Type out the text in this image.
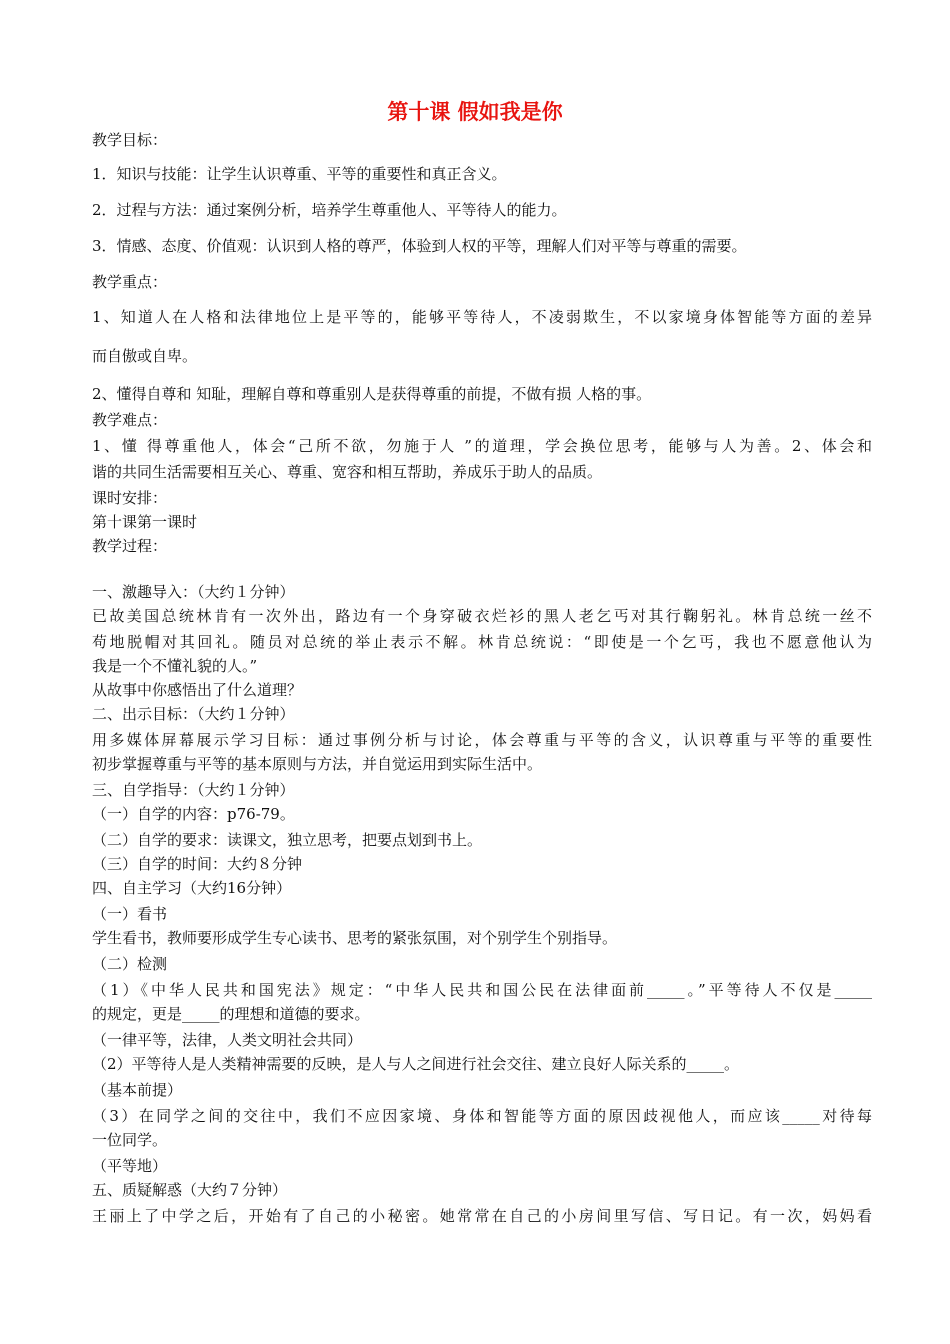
第十课 假如我是你
教学目标：
1．知识与技能：让学生认识尊重、平等的重要性和真正含义。
2．过程与方法：通过案例分析，培养学生尊重他人、平等待人的能力。
3．情感、态度、价值观：认识到人格的尊严，体验到人权的平等，理解人们对平等与尊重的需要。
教学重点：
1、知道人在人格和法律地位上是平等的，能够平等待人，不凌弱欺生，不以家境身体智能等方面的差异
而自傲或自卑。
2、懂得自尊和 知耻，理解自尊和尊重别人是获得尊重的前提，不做有损 人格的事。
教学难点：
1、懂 得尊重他人，体会“己所不欲，勿施于人 ”的道理，学会换位思考，能够与人为善。2、体会和
谐的共同生活需要相互关心、尊重、宽容和相互帮助，养成乐于助人的品质。
课时安排：
第十课第一课时
教学过程：
一、激趣导入：（大约１分钟）
已故美国总统林肯有一次外出，路边有一个身穿破衣烂衫的黑人老乞丐对其行鞠躬礼。林肯总统一丝不
苟地脱帽对其回礼。随员对总统的举止表示不解。林肯总统说：“即使是一个乞丐，我也不愿意他认为
我是一个不懂礼貌的人。”
从故事中你感悟出了什么道理？
二、出示目标：（大约１分钟）
用多媒体屏幕展示学习目标：通过事例分析与讨论，体会尊重与平等的含义，认识尊重与平等的重要性
初步掌握尊重与平等的基本原则与方法，并自觉运用到实际生活中。
三、自学指导：（大约１分钟）
（一）自学的内容：p76-79。
（二）自学的要求：读课文，独立思考，把要点划到书上。
（三）自学的时间：大约８分钟
四、自主学习（大约16分钟）
（一）看书
学生看书，教师要形成学生专心读书、思考的紧张氛围，对个别学生个别指导。
（二）检测
（1）《中华人民共和国宪法》规定：“中华人民共和国公民在法律面前_____。”平等待人不仅是_____
的规定，更是_____的理想和道德的要求。
（一律平等，法律，人类文明社会共同）
（2）平等待人是人类精神需要的反映，是人与人之间进行社会交往、建立良好人际关系的_____。
（基本前提）
（3）在同学之间的交往中，我们不应因家境、身体和智能等方面的原因歧视他人，而应该_____对待每
一位同学。
（平等地）
五、质疑解惑（大约７分钟）
王丽上了中学之后，开始有了自己的小秘密。她常常在自己的小房间里写信、写日记。有一次，妈妈看
